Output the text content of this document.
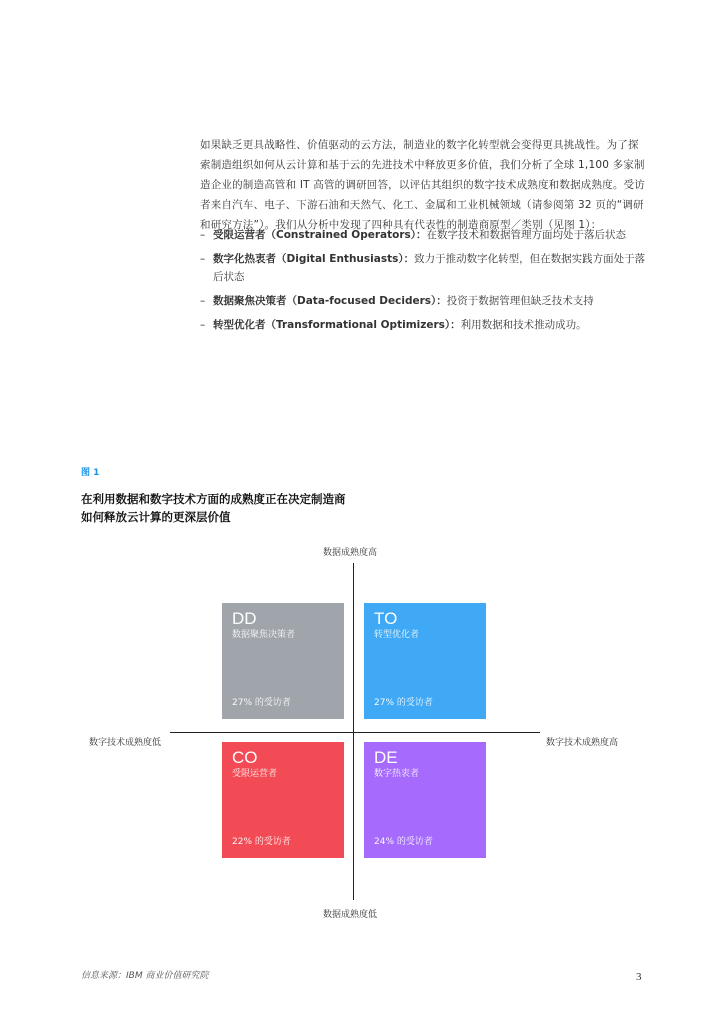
如果缺乏更具战略性、价值驱动的云方法，制造业的数字化转型就会变得更具挑战性。为了探索制造组织如何从云计算和基于云的先进技术中释放更多价值，我们分析了全球 1,100 多家制造企业的制造高管和 IT 高管的调研回答，以评估其组织的数字技术成熟度和数据成熟度。受访者来自汽车、电子、下游石油和天然气、化工、金属和工业机械领域（请参阅第 32 页的“调研和研究方法”）。我们从分析中发现了四种具有代表性的制造商原型／类别（见图 1）：

– 受限运营者（Constrained Operators）：在数字技术和数据管理方面均处于落后状态
– 数字化热衷者（Digital Enthusiasts）：致力于推动数字化转型，但在数据实践方面处于落后状态
– 数据聚焦决策者（Data-focused Deciders）：投资于数据管理但缺乏技术支持
– 转型优化者（Transformational Optimizers）：利用数据和技术推动成功。
图 1
在利用数据和数字技术方面的成熟度正在决定制造商
如何释放云计算的更深层价值
数据成熟度高
数据成熟度低
数字技术成熟度低	数字技术成熟度高
DD
数据聚焦决策者
27% 的受访者
TO
转型优化者
27% 的受访者
CO
受限运营者
22% 的受访者
DE
数字热衷者
24% 的受访者
信息来源：IBM 商业价值研究院	3
